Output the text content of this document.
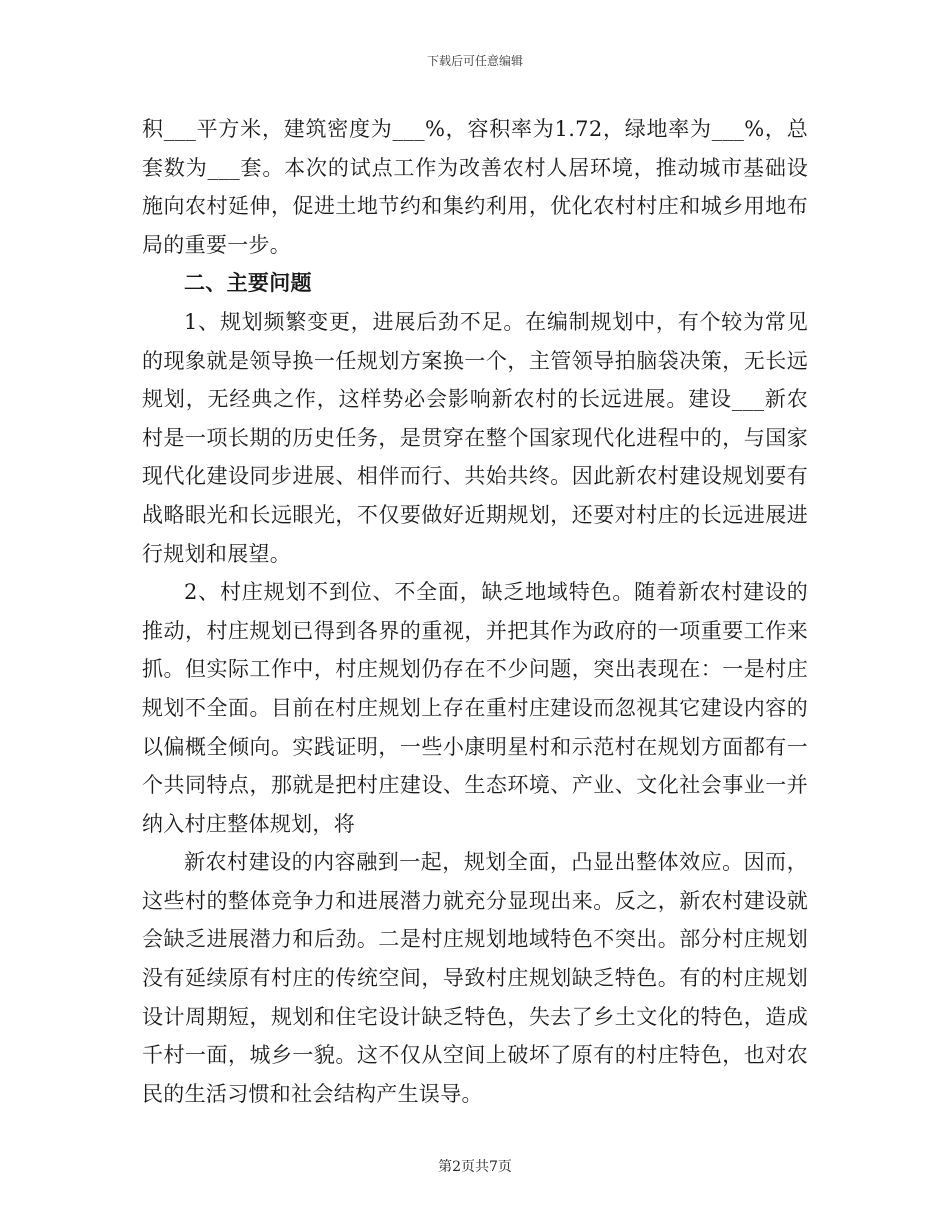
下载后可任意编辑

积___平方米，建筑密度为___%，容积率为1.72，绿地率为___%，总套数为___套。本次的试点工作为改善农村人居环境，推动城市基础设施向农村延伸，促进土地节约和集约利用，优化农村村庄和城乡用地布局的重要一步。

二、主要问题

1、规划频繁变更，进展后劲不足。在编制规划中，有个较为常见的现象就是领导换一任规划方案换一个，主管领导拍脑袋决策，无长远规划，无经典之作，这样势必会影响新农村的长远进展。建设___新农村是一项长期的历史任务，是贯穿在整个国家现代化进程中的，与国家现代化建设同步进展、相伴而行、共始共终。因此新农村建设规划要有战略眼光和长远眼光，不仅要做好近期规划，还要对村庄的长远进展进行规划和展望。

2、村庄规划不到位、不全面，缺乏地域特色。随着新农村建设的推动，村庄规划已得到各界的重视，并把其作为政府的一项重要工作来抓。但实际工作中，村庄规划仍存在不少问题，突出表现在：一是村庄规划不全面。目前在村庄规划上存在重村庄建设而忽视其它建设内容的以偏概全倾向。实践证明，一些小康明星村和示范村在规划方面都有一个共同特点，那就是把村庄建设、生态环境、产业、文化社会事业一并纳入村庄整体规划，将

新农村建设的内容融到一起，规划全面，凸显出整体效应。因而，这些村的整体竞争力和进展潜力就充分显现出来。反之，新农村建设就会缺乏进展潜力和后劲。二是村庄规划地域特色不突出。部分村庄规划没有延续原有村庄的传统空间，导致村庄规划缺乏特色。有的村庄规划设计周期短，规划和住宅设计缺乏特色，失去了乡土文化的特色，造成千村一面，城乡一貌。这不仅从空间上破坏了原有的村庄特色，也对农民的生活习惯和社会结构产生误导。

第2页共7页
